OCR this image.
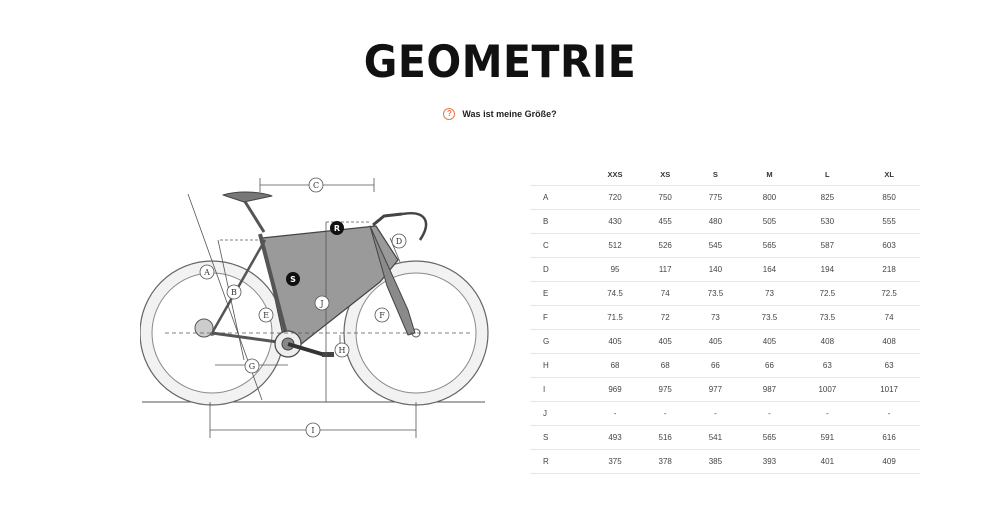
GEOMETRIE
?	Was ist meine Größe?
C
A
B
D
E	F
J
H
G
I
R
S
	XXS	XS	S	M	L	XL
A	720	750	775	800	825	850
B	430	455	480	505	530	555
C	512	526	545	565	587	603
D	95	117	140	164	194	218
E	74.5	74	73.5	73	72.5	72.5
F	71.5	72	73	73.5	73.5	74
G	405	405	405	405	408	408
H	68	68	66	66	63	63
I	969	975	977	987	1007	1017
J	-	-	-	-	-	-
S	493	516	541	565	591	616
R	375	378	385	393	401	409
